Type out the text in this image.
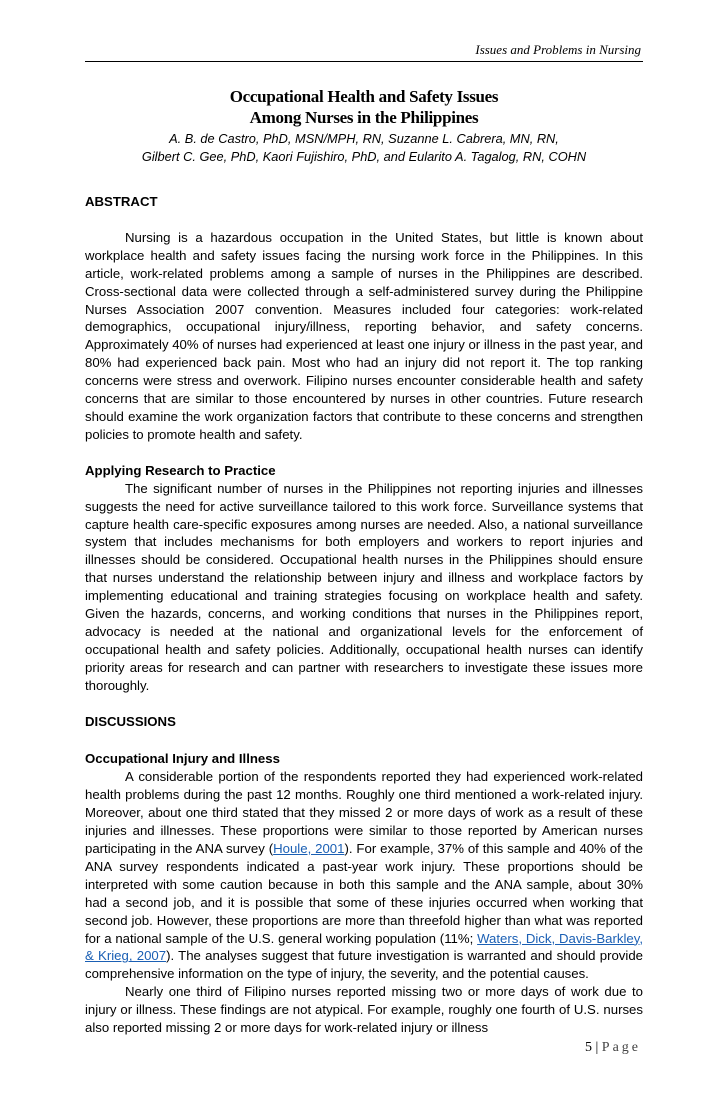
Issues and Problems in Nursing
Occupational Health and Safety Issues
Among Nurses in the Philippines
A. B. de Castro, PhD, MSN/MPH, RN, Suzanne L. Cabrera, MN, RN,
Gilbert C. Gee, PhD, Kaori Fujishiro, PhD, and Eularito A. Tagalog, RN, COHN

ABSTRACT

Nursing is a hazardous occupation in the United States, but little is known about workplace health and safety issues facing the nursing work force in the Philippines. In this article, work-related problems among a sample of nurses in the Philippines are described. Cross-sectional data were collected through a self-administered survey during the Philippine Nurses Association 2007 convention. Measures included four categories: work-related demographics, occupational injury/illness, reporting behavior, and safety concerns. Approximately 40% of nurses had experienced at least one injury or illness in the past year, and 80% had experienced back pain. Most who had an injury did not report it. The top ranking concerns were stress and overwork. Filipino nurses encounter considerable health and safety concerns that are similar to those encountered by nurses in other countries. Future research should examine the work organization factors that contribute to these concerns and strengthen policies to promote health and safety.

Applying Research to Practice

The significant number of nurses in the Philippines not reporting injuries and illnesses suggests the need for active surveillance tailored to this work force. Surveillance systems that capture health care-specific exposures among nurses are needed. Also, a national surveillance system that includes mechanisms for both employers and workers to report injuries and illnesses should be considered. Occupational health nurses in the Philippines should ensure that nurses understand the relationship between injury and illness and workplace factors by implementing educational and training strategies focusing on workplace health and safety. Given the hazards, concerns, and working conditions that nurses in the Philippines report, advocacy is needed at the national and organizational levels for the enforcement of occupational health and safety policies. Additionally, occupational health nurses can identify priority areas for research and can partner with researchers to investigate these issues more thoroughly.

DISCUSSIONS

Occupational Injury and Illness

A considerable portion of the respondents reported they had experienced work-related health problems during the past 12 months. Roughly one third mentioned a work-related injury. Moreover, about one third stated that they missed 2 or more days of work as a result of these injuries and illnesses. These proportions were similar to those reported by American nurses participating in the ANA survey (Houle, 2001). For example, 37% of this sample and 40% of the ANA survey respondents indicated a past-year work injury. These proportions should be interpreted with some caution because in both this sample and the ANA sample, about 30% had a second job, and it is possible that some of these injuries occurred when working that second job. However, these proportions are more than threefold higher than what was reported for a national sample of the U.S. general working population (11%; Waters, Dick, Davis-Barkley, & Krieg, 2007). The analyses suggest that future investigation is warranted and should provide comprehensive information on the type of injury, the severity, and the potential causes.

Nearly one third of Filipino nurses reported missing two or more days of work due to injury or illness. These findings are not atypical. For example, roughly one fourth of U.S. nurses also reported missing 2 or more days for work-related injury or illness

5 | Page
